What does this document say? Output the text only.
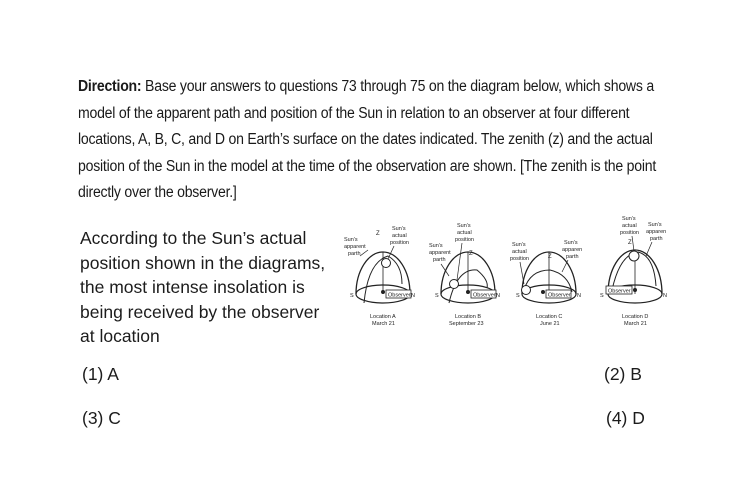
Direction: Base your answers to questions 73 through 75 on the diagram below, which shows a model of the apparent path and position of the Sun in relation to an observer at four different locations, A, B, C, and D on Earth’s surface on the dates indicated. The zenith (z) and the actual position of the Sun in the model at the time of the observation are shown. [The zenith is the point directly over the observer.]
According to the Sun’s actual
position shown in the diagrams,
the most intense insolation is
being received by the observer
at location
Sun’s
apparent
parth
Sun’s
actual
position
Z
Observer
S	N
Location A
March 21
Sun’s
apparent
parth
Sun’s
actual
position
Z
Observer
S	N
Location B
September 23
Sun’s
actual
position
Sun’s
apparen
parth
Z
Observer
S	N
Location C
June 21
Sun’s
actual
position
Sun’s
apparen
parth
Z
Observer
S	N
Location D
March 21
(1) A	(2) B
(3) C	(4) D
